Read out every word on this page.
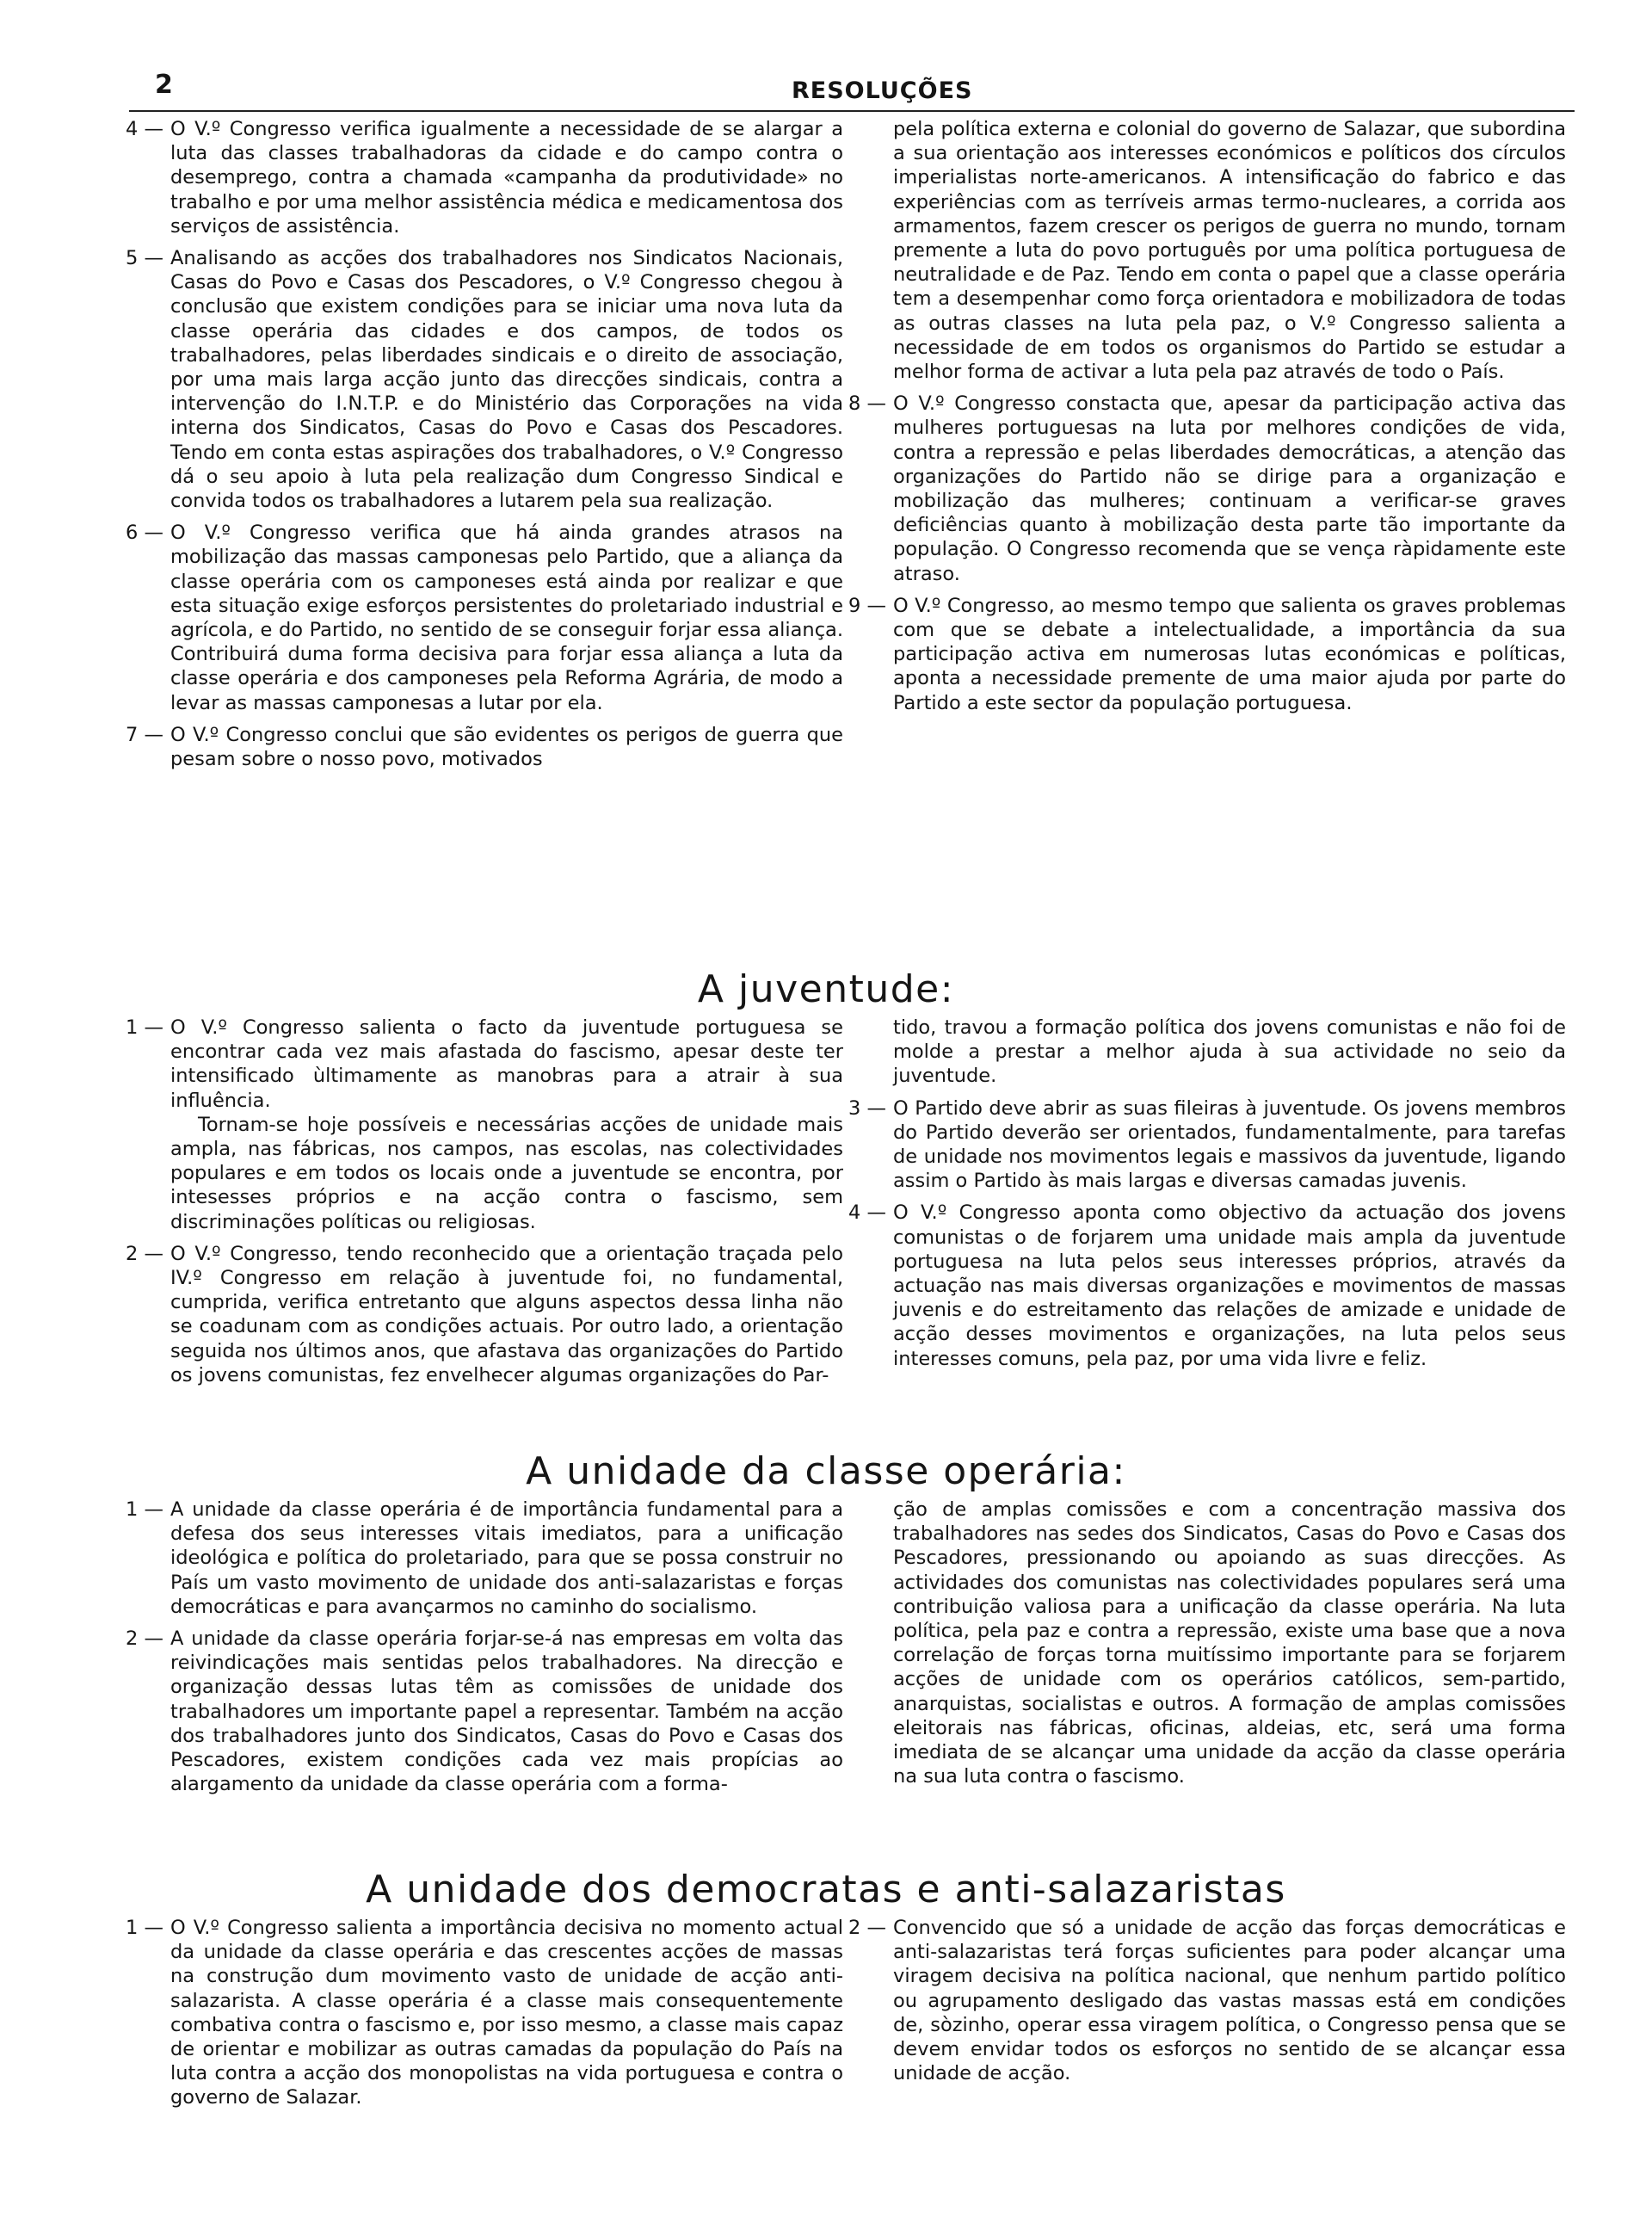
2	RESOLUÇÕES
4 — O V.º Congresso verifica igualmente a necessidade de se alargar a luta das classes trabalhadoras da cidade e do campo contra o desemprego, contra a chamada «campanha da produtividade» no trabalho e por uma melhor assistência médica e medicamentosa dos serviços de assistência.

5 — Analisando as acções dos trabalhadores nos Sindicatos Nacionais, Casas do Povo e Casas dos Pescadores, o V.º Congresso chegou à conclusão que existem condições para se iniciar uma nova luta da classe operária das cidades e dos campos, de todos os trabalhadores, pelas liberdades sindicais e o direito de associação, por uma mais larga acção junto das direcções sindicais, contra a intervenção do I.N.T.P. e do Ministério das Corporações na vida interna dos Sindicatos, Casas do Povo e Casas dos Pescadores. Tendo em conta estas aspirações dos trabalhadores, o V.º Congresso dá o seu apoio à luta pela realização dum Congresso Sindical e convida todos os trabalhadores a lutarem pela sua realização.

6 — O V.º Congresso verifica que há ainda grandes atrasos na mobilização das massas camponesas pelo Partido, que a aliança da classe operária com os camponeses está ainda por realizar e que esta situação exige esforços persistentes do proletariado industrial e agrícola, e do Partido, no sentido de se conseguir forjar essa aliança. Contribuirá duma forma decisiva para forjar essa aliança a luta da classe operária e dos camponeses pela Reforma Agrária, de modo a levar as massas camponesas a lutar por ela.

7 — O V.º Congresso conclui que são evidentes os perigos de guerra que pesam sobre o nosso povo, motivados

pela política externa e colonial do governo de Salazar, que subordina a sua orientação aos interesses económicos e políticos dos círculos imperialistas norte-americanos. A intensificação do fabrico e das experiências com as terríveis armas termo-nucleares, a corrida aos armamentos, fazem crescer os perigos de guerra no mundo, tornam premente a luta do povo português por uma política portuguesa de neutralidade e de Paz. Tendo em conta o papel que a classe operária tem a desempenhar como força orientadora e mobilizadora de todas as outras classes na luta pela paz, o V.º Congresso salienta a necessidade de em todos os organismos do Partido se estudar a melhor forma de activar a luta pela paz através de todo o País.

8 — O V.º Congresso constacta que, apesar da participação activa das mulheres portuguesas na luta por melhores condições de vida, contra a repressão e pelas liberdades democráticas, a atenção das organizações do Partido não se dirige para a organização e mobilização das mulheres; continuam a verificar-se graves deficiências quanto à mobilização desta parte tão importante da população. O Congresso recomenda que se vença ràpidamente este atraso.

9 — O V.º Congresso, ao mesmo tempo que salienta os graves problemas com que se debate a intelectualidade, a importância da sua participação activa em numerosas lutas económicas e políticas, aponta a necessidade premente de uma maior ajuda por parte do Partido a este sector da população portuguesa.

A juventude:
1 — O V.º Congresso salienta o facto da juventude portuguesa se encontrar cada vez mais afastada do fascismo, apesar deste ter intensificado ùltimamente as manobras para a atrair à sua influência.

Tornam-se hoje possíveis e necessárias acções de unidade mais ampla, nas fábricas, nos campos, nas escolas, nas colectividades populares e em todos os locais onde a juventude se encontra, por intesesses próprios e na acção contra o fascismo, sem discriminações políticas ou religiosas.

2 — O V.º Congresso, tendo reconhecido que a orientação traçada pelo IV.º Congresso em relação à juventude foi, no fundamental, cumprida, verifica entretanto que alguns aspectos dessa linha não se coadunam com as condições actuais. Por outro lado, a orientação seguida nos últimos anos, que afastava das organizações do Partido os jovens comunistas, fez envelhecer algumas organizações do Par-

tido, travou a formação política dos jovens comunistas e não foi de molde a prestar a melhor ajuda à sua actividade no seio da juventude.

3 — O Partido deve abrir as suas fileiras à juventude. Os jovens membros do Partido deverão ser orientados, fundamentalmente, para tarefas de unidade nos movimentos legais e massivos da juventude, ligando assim o Partido às mais largas e diversas camadas juvenis.

4 — O V.º Congresso aponta como objectivo da actuação dos jovens comunistas o de forjarem uma unidade mais ampla da juventude portuguesa na luta pelos seus interesses próprios, através da actuação nas mais diversas organizações e movimentos de massas juvenis e do estreitamento das relações de amizade e unidade de acção desses movimentos e organizações, na luta pelos seus interesses comuns, pela paz, por uma vida livre e feliz.

A unidade da classe operária:
1 — A unidade da classe operária é de importância fundamental para a defesa dos seus interesses vitais imediatos, para a unificação ideológica e política do proletariado, para que se possa construir no País um vasto movimento de unidade dos anti-salazaristas e forças democráticas e para avançarmos no caminho do socialismo.

2 — A unidade da classe operária forjar-se-á nas empresas em volta das reivindicações mais sentidas pelos trabalhadores. Na direcção e organização dessas lutas têm as comissões de unidade dos trabalhadores um importante papel a representar. Também na acção dos trabalhadores junto dos Sindicatos, Casas do Povo e Casas dos Pescadores, existem condições cada vez mais propícias ao alargamento da unidade da classe operária com a forma-

ção de amplas comissões e com a concentração massiva dos trabalhadores nas sedes dos Sindicatos, Casas do Povo e Casas dos Pescadores, pressionando ou apoiando as suas direcções. As actividades dos comunistas nas colectividades populares será uma contribuição valiosa para a unificação da classe operária. Na luta política, pela paz e contra a repressão, existe uma base que a nova correlação de forças torna muitíssimo importante para se forjarem acções de unidade com os operários católicos, sem-partido, anarquistas, socialistas e outros. A formação de amplas comissões eleitorais nas fábricas, oficinas, aldeias, etc, será uma forma imediata de se alcançar uma unidade da acção da classe operária na sua luta contra o fascismo.

A unidade dos democratas e anti-salazaristas
1 — O V.º Congresso salienta a importância decisiva no momento actual da unidade da classe operária e das crescentes acções de massas na construção dum movimento vasto de unidade de acção anti-salazarista. A classe operária é a classe mais consequentemente combativa contra o fascismo e, por isso mesmo, a classe mais capaz de orientar e mobilizar as outras camadas da população do País na luta contra a acção dos monopolistas na vida portuguesa e contra o governo de Salazar.

2 — Convencido que só a unidade de acção das forças democráticas e anti-salazaristas terá forças suficientes para poder alcançar uma viragem decisiva na política nacional, que nenhum partido político ou agrupamento desligado das vastas massas está em condições de, sòzinho, operar essa viragem política, o Congresso pensa que se devem envidar todos os esforços no sentido de se alcançar essa unidade de acção.
